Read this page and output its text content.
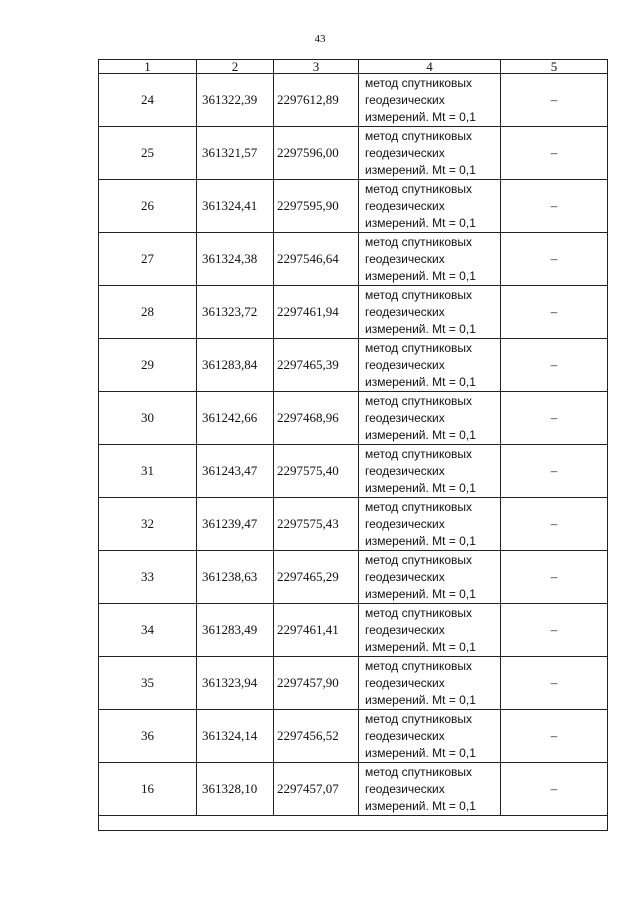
43
1	2	3	4	5
24	361322,39	2297612,89	метод спутниковых
геодезических
измерений. Mt = 0,1	–
25	361321,57	2297596,00	метод спутниковых
геодезических
измерений. Mt = 0,1	–
26	361324,41	2297595,90	метод спутниковых
геодезических
измерений. Mt = 0,1	–
27	361324,38	2297546,64	метод спутниковых
геодезических
измерений. Mt = 0,1	–
28	361323,72	2297461,94	метод спутниковых
геодезических
измерений. Mt = 0,1	–
29	361283,84	2297465,39	метод спутниковых
геодезических
измерений. Mt = 0,1	–
30	361242,66	2297468,96	метод спутниковых
геодезических
измерений. Mt = 0,1	–
31	361243,47	2297575,40	метод спутниковых
геодезических
измерений. Mt = 0,1	–
32	361239,47	2297575,43	метод спутниковых
геодезических
измерений. Mt = 0,1	–
33	361238,63	2297465,29	метод спутниковых
геодезических
измерений. Mt = 0,1	–
34	361283,49	2297461,41	метод спутниковых
геодезических
измерений. Mt = 0,1	–
35	361323,94	2297457,90	метод спутниковых
геодезических
измерений. Mt = 0,1	–
36	361324,14	2297456,52	метод спутниковых
геодезических
измерений. Mt = 0,1	–
16	361328,10	2297457,07	метод спутниковых
геодезических
измерений. Mt = 0,1	–
